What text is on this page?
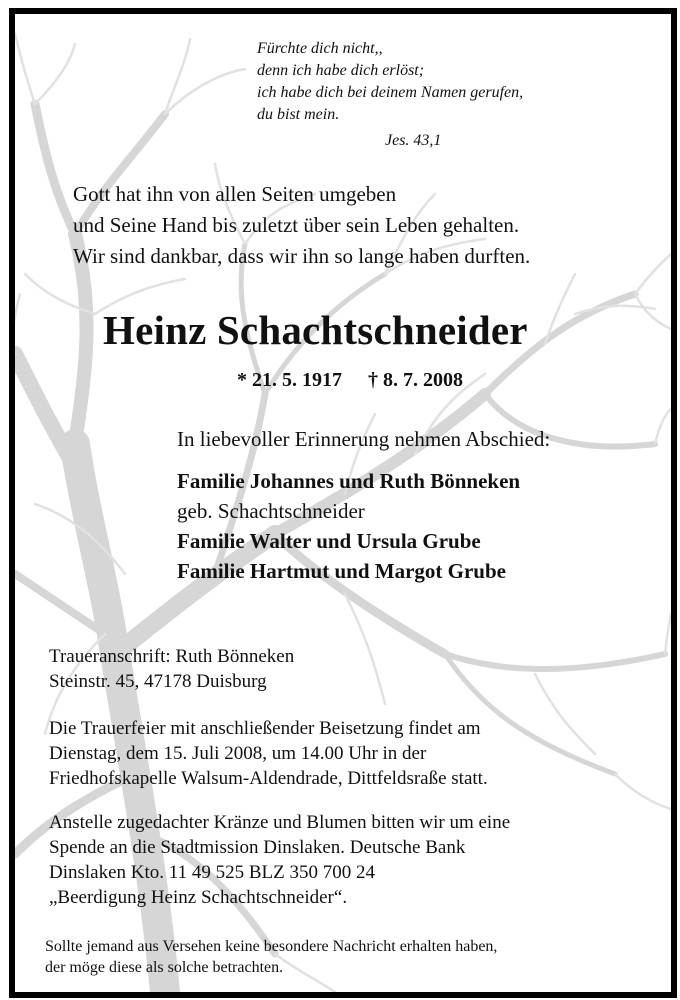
Fürchte dich nicht,,
denn ich habe dich erlöst;
ich habe dich bei deinem Namen gerufen,
du bist mein.
Jes. 43,1
Gott hat ihn von allen Seiten umgeben
und Seine Hand bis zuletzt über sein Leben gehalten.
Wir sind dankbar, dass wir ihn so lange haben durften.
Heinz Schachtschneider
* 21. 5. 1917 † 8. 7. 2008
In liebevoller Erinnerung nehmen Abschied:
Familie Johannes und Ruth Bönneken
geb. Schachtschneider
Familie Walter und Ursula Grube
Familie Hartmut und Margot Grube
Traueranschrift: Ruth Bönneken
Steinstr. 45, 47178 Duisburg
Die Trauerfeier mit anschließender Beisetzung findet am
Dienstag, dem 15. Juli 2008, um 14.00 Uhr in der
Friedhofskapelle Walsum-Aldendrade, Dittfeldsraße statt.
Anstelle zugedachter Kränze und Blumen bitten wir um eine
Spende an die Stadtmission Dinslaken. Deutsche Bank
Dinslaken Kto. 11 49 525 BLZ 350 700 24
„Beerdigung Heinz Schachtschneider“.
Sollte jemand aus Versehen keine besondere Nachricht erhalten haben,
der möge diese als solche betrachten.
